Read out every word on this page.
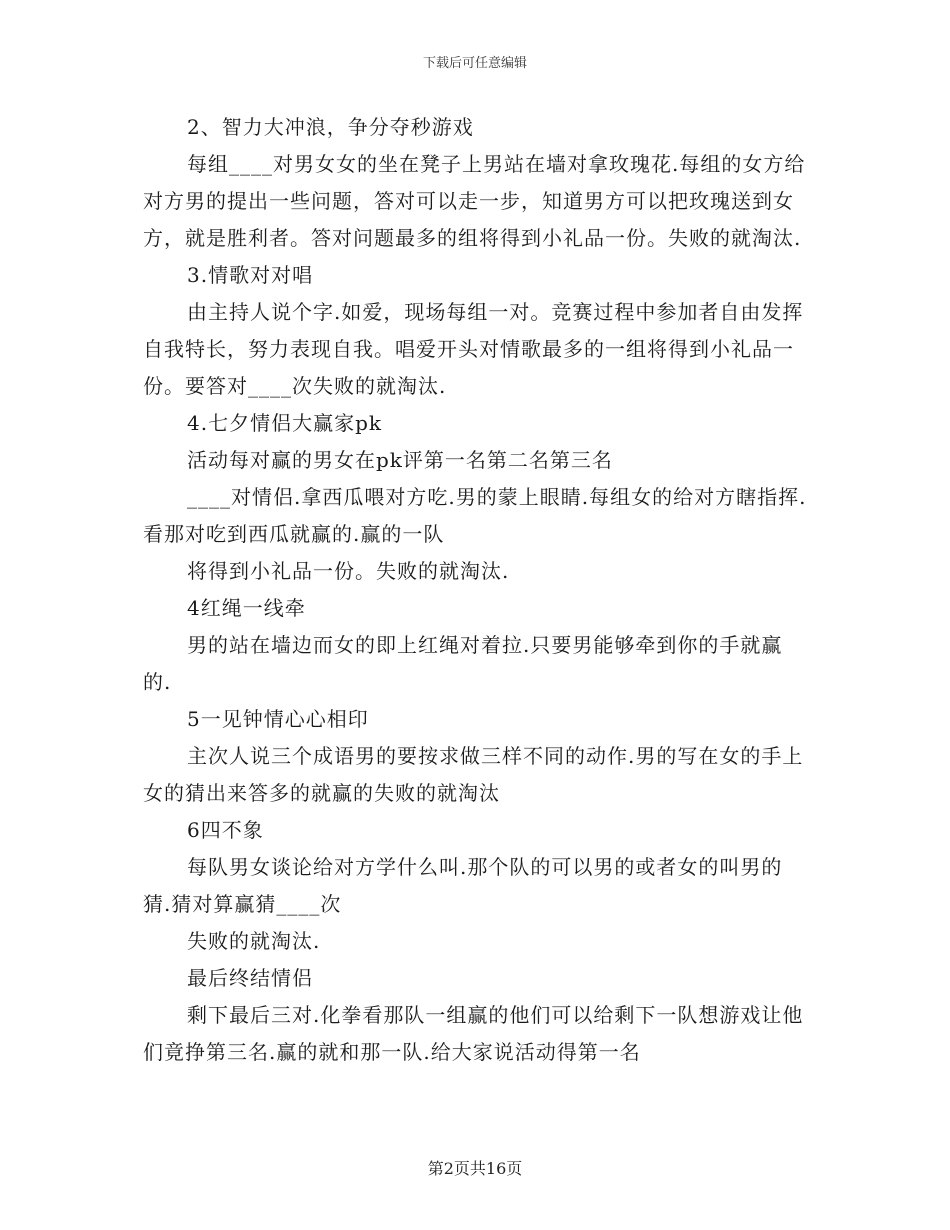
下载后可任意编辑

2、智力大冲浪，争分夺秒游戏

每组____对男女女的坐在凳子上男站在墙对拿玫瑰花.每组的女方给对方男的提出一些问题，答对可以走一步，知道男方可以把玫瑰送到女方，就是胜利者。答对问题最多的组将得到小礼品一份。失败的就淘汰.

3.情歌对对唱

由主持人说个字.如爱，现场每组一对。竞赛过程中参加者自由发挥自我特长，努力表现自我。唱爱开头对情歌最多的一组将得到小礼品一份。要答对____次失败的就淘汰.

4.七夕情侣大赢家pk

活动每对赢的男女在pk评第一名第二名第三名

____对情侣.拿西瓜喂对方吃.男的蒙上眼睛.每组女的给对方瞎指挥.看那对吃到西瓜就赢的.赢的一队

将得到小礼品一份。失败的就淘汰.

4红绳一线牵

男的站在墙边而女的即上红绳对着拉.只要男能够牵到你的手就赢的.

5一见钟情心心相印

主次人说三个成语男的要按求做三样不同的动作.男的写在女的手上女的猜出来答多的就赢的失败的就淘汰

6四不象

每队男女谈论给对方学什么叫.那个队的可以男的或者女的叫男的猜.猜对算赢猜____次

失败的就淘汰.

最后终结情侣

剩下最后三对.化拳看那队一组赢的他们可以给剩下一队想游戏让他们竟挣第三名.赢的就和那一队.给大家说活动得第一名

第2页共16页
